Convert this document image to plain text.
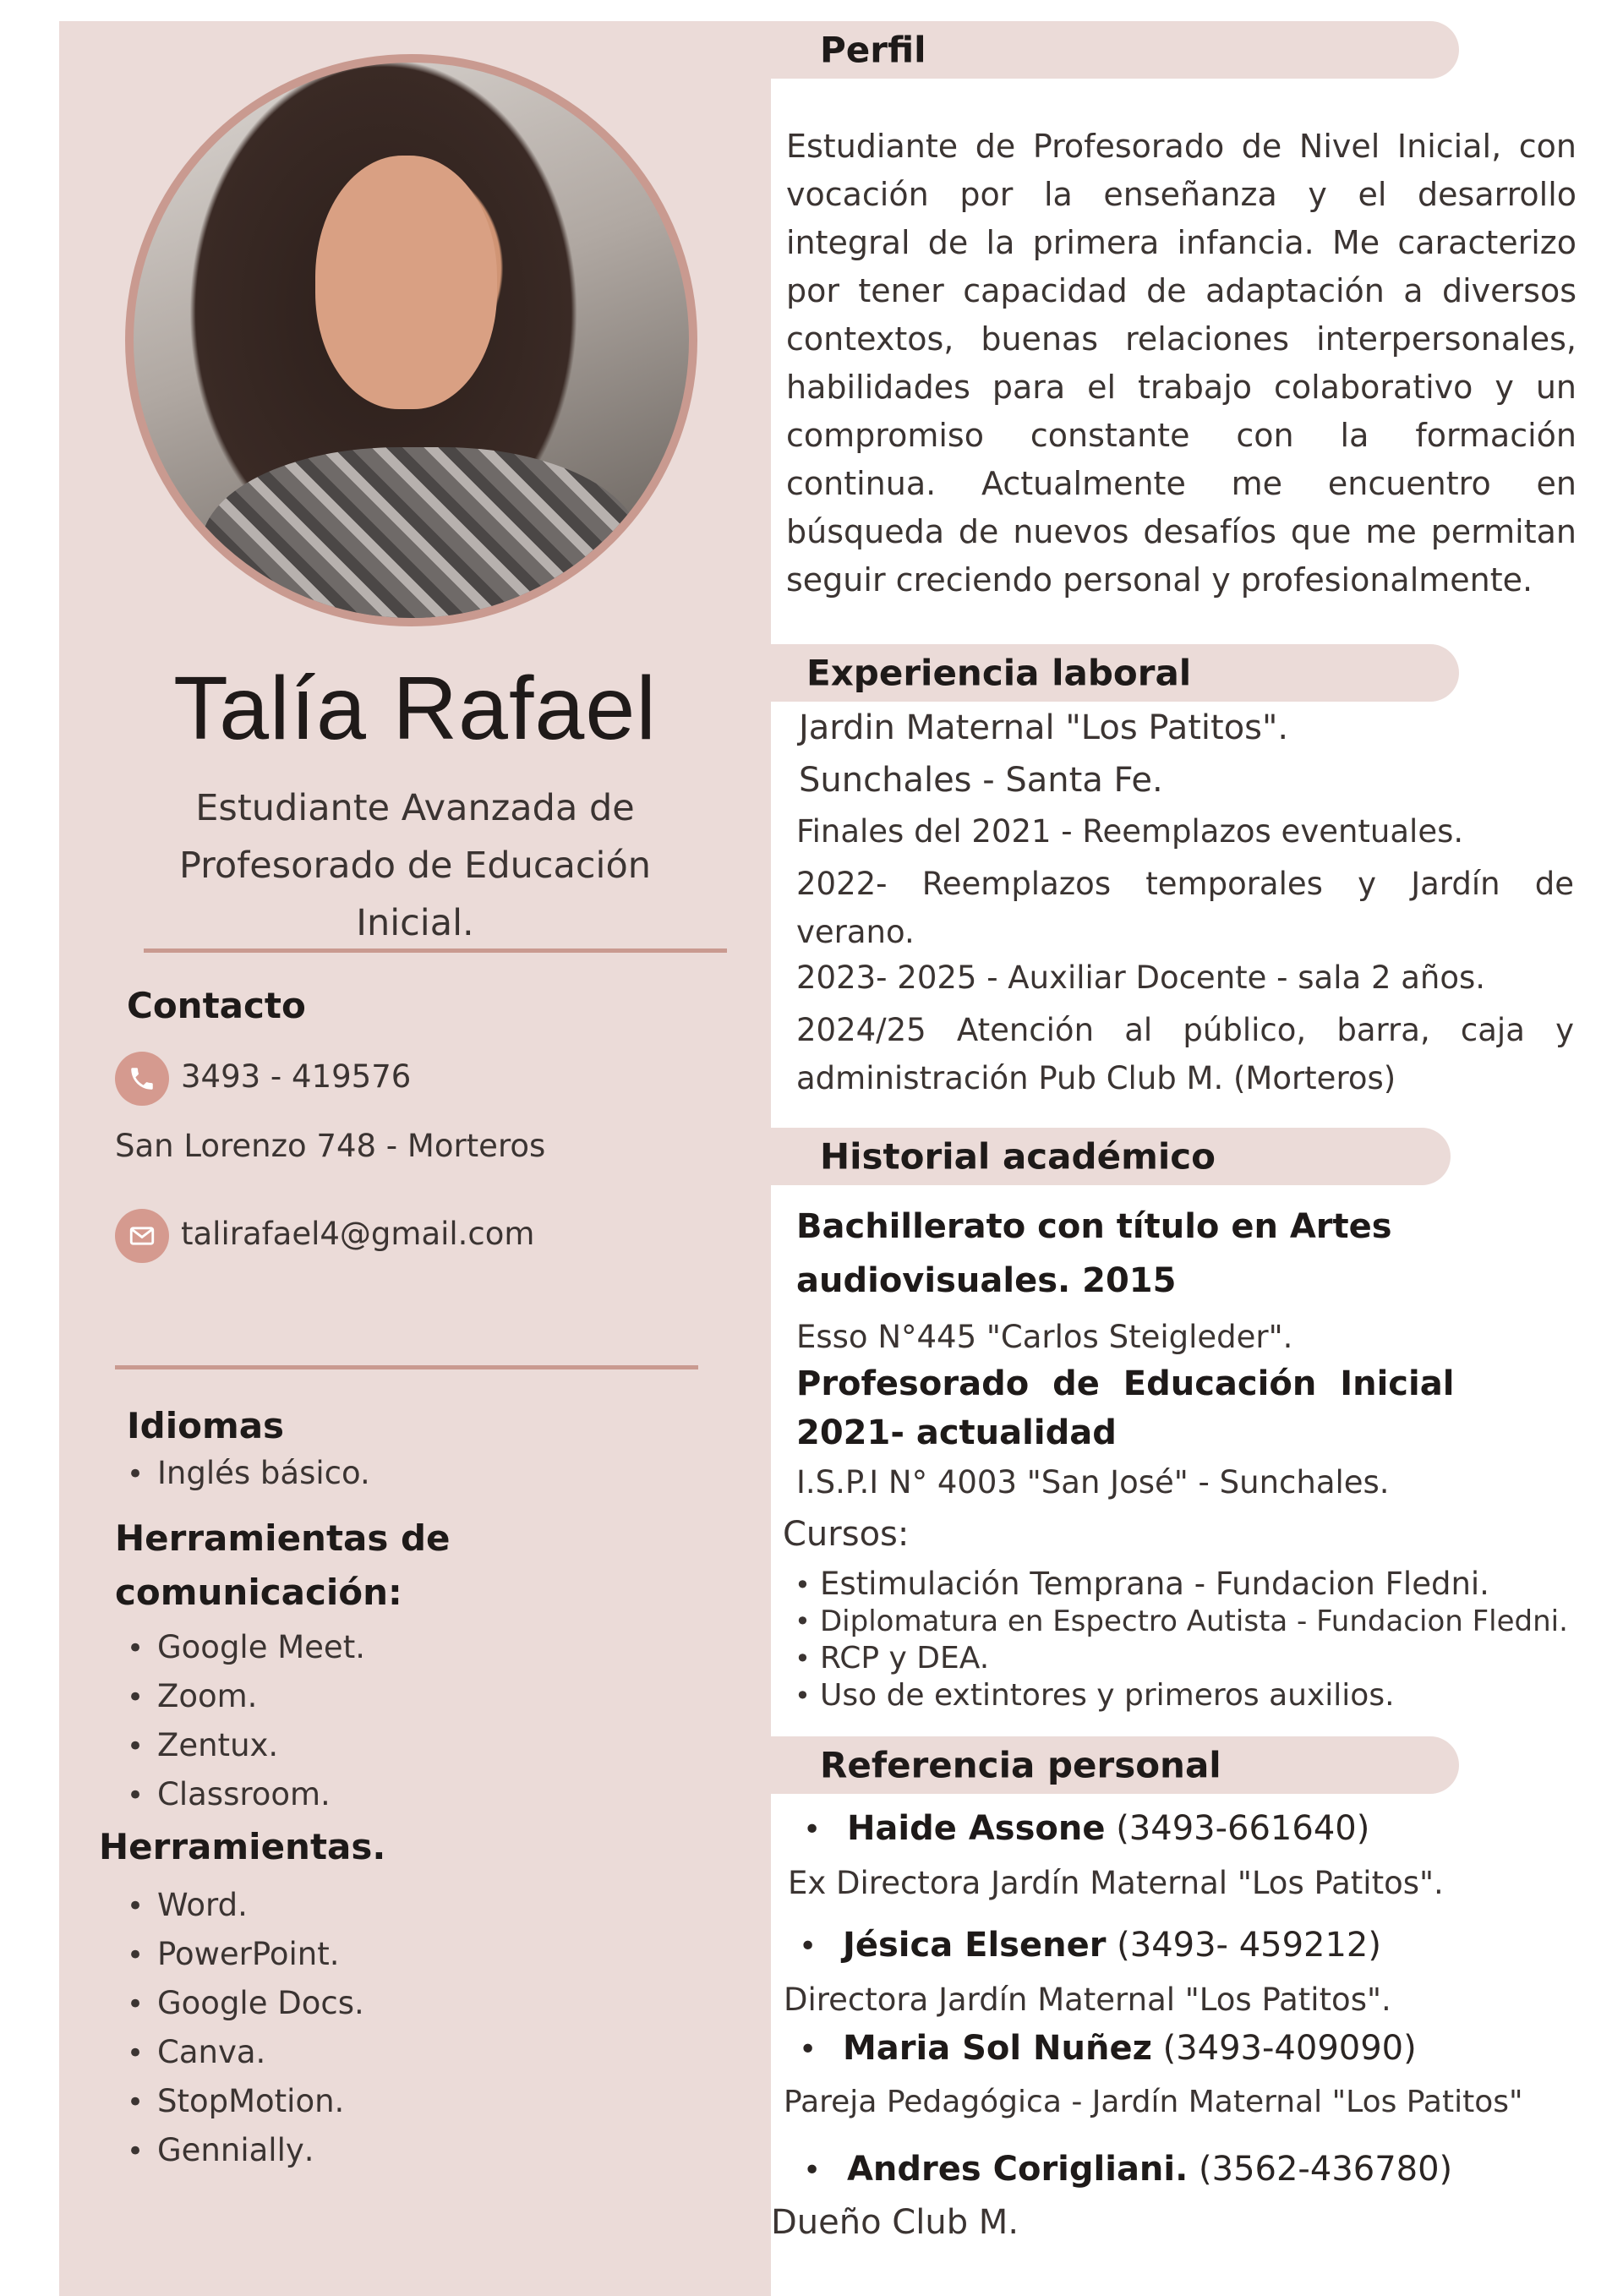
Talía Rafael
Estudiante Avanzada de
Profesorado de Educación
Inicial.
Contacto
3493 - 419576
San Lorenzo 748 - Morteros
talirafael4@gmail.com
Idiomas
• Inglés básico.
Herramientas de
comunicación:
• Google Meet.
• Zoom.
• Zentux.
• Classroom.
Herramientas.
• Word.
• PowerPoint.
• Google Docs.
• Canva.
• StopMotion.
• Genniallу.
Perfil
Estudiante de Profesorado de Nivel Inicial, con vocación por la enseñanza y el desarrollo integral de la primera infancia. Me caracterizo por tener capacidad de adaptación a diversos contextos, buenas relaciones interpersonales, habilidades para el trabajo colaborativo y un compromiso constante con la formación continua. Actualmente me encuentro en búsqueda de nuevos desafíos que me permitan seguir creciendo personal y profesionalmente.
Experiencia laboral
Jardin Maternal "Los Patitos".
Sunchales - Santa Fe.
Finales del 2021 - Reemplazos eventuales.
2022- Reemplazos temporales y Jardín de verano.
2023- 2025 - Auxiliar Docente - sala 2 años.
2024/25 Atención al público, barra, caja y administración Pub Club M. (Morteros)
Historial académico
Bachillerato con título en Artes
audiovisuales. 2015
Esso N°445 "Carlos Steigleder".
Profesorado de Educación Inicial
2021- actualidad
I.S.P.I N° 4003 "San José" - Sunchales.
Cursos:
• Estimulación Temprana - Fundacion Fledni.
• Diplomatura en Espectro Autista - Fundacion Fledni.
• RCP y DEA.
• Uso de extintores y primeros auxilios.
Referencia personal
• Haide Assone (3493-661640)
Ex Directora Jardín Maternal "Los Patitos".
• Jésica Elsener (3493- 459212)
Directora Jardín Maternal "Los Patitos".
• Maria Sol Nuñez (3493-409090)
Pareja Pedagógica - Jardín Maternal "Los Patitos"
• Andres Corigliani. (3562-436780)
Dueño Club M.
